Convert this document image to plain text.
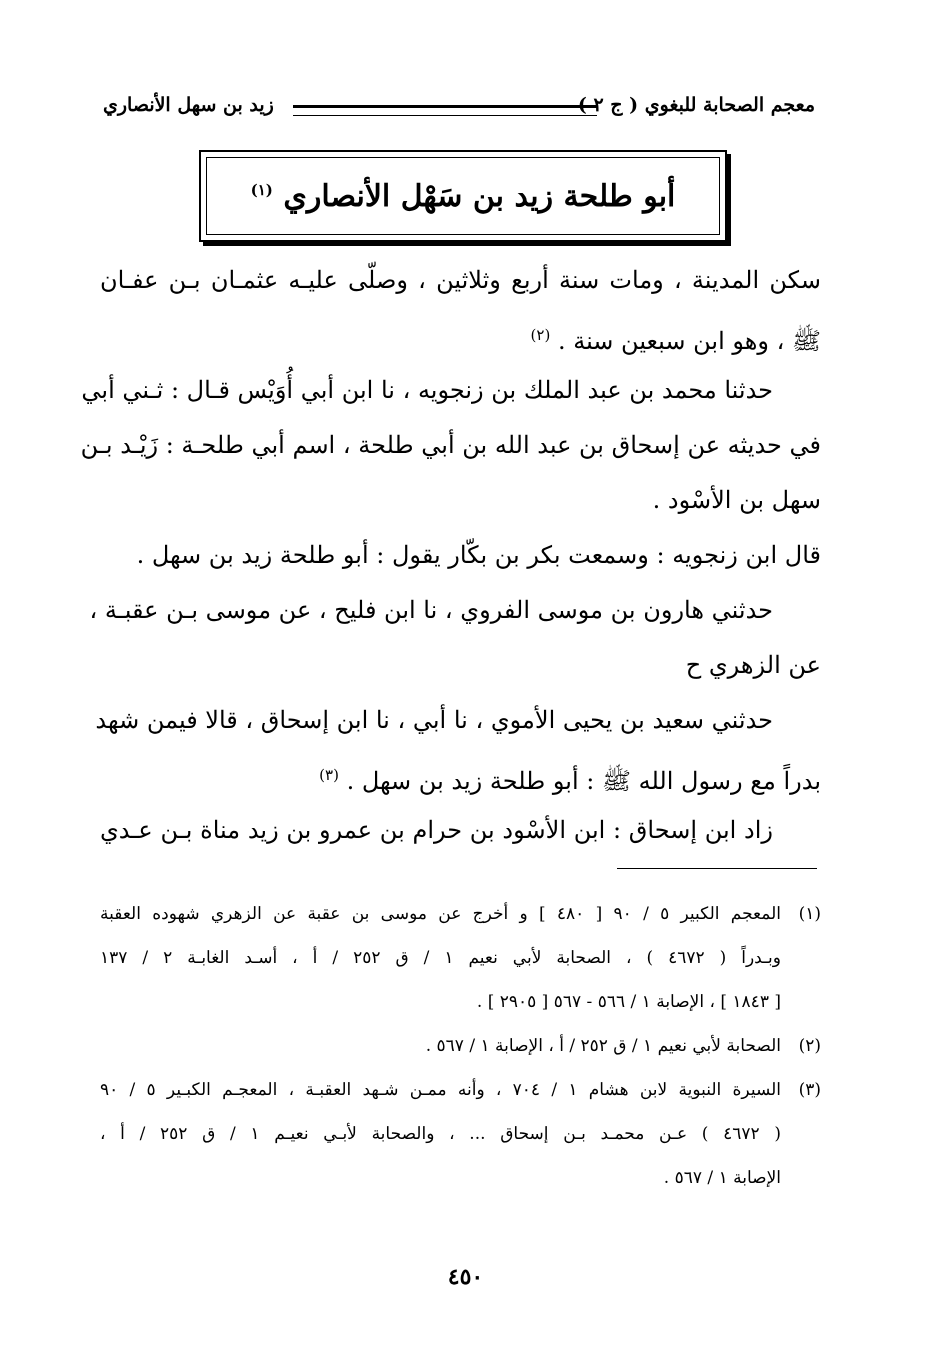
معجم الصحابة للبغوي ( ج ٢ )
زيد بن سهل الأنصاري
أبو طلحة زيد بن سَهْل الأنصاري $^{(١)}$
سكن المدينة ، ومات سنة أربع وثلاثين ، وصلّى عليـه عثمـان بـن عفـان
ﷺ ، وهو ابن سبعين سنة . $^{(٢)}$
حدثنا محمد بن عبد الملك بن زنجويه ، نا ابن أبي أُوَيْس قـال : ثـني أبي
في حديثه عن إسحاق بن عبد الله بن أبي طلحة ، اسم أبي طلحـة : زَيْـد بـن
سهل بن الأسْود .
قال ابن زنجويه : وسمعت بكر بن بكّار يقول : أبو طلحة زيد بن سهل .
حدثني هارون بن موسى الفروي ، نا ابن فليح ، عن موسى بـن عقبـة ،
عن الزهري ح
حدثني سعيد بن يحيى الأموي ، نا أبي ، نا ابن إسحاق ، قالا فيمن شهد
بدراً مع رسول الله ﷺ : أبو طلحة زيد بن سهل . $^{(٣)}$
زاد ابن إسحاق : ابن الأسْود بن حرام بن عمرو بن زيد مناة بـن عـدي
(١)
المعجم الكبير ٥ / ٩٠ [ ٤٨٠ ] و أخرج عن موسى بن عقبة عن الزهري شهوده العقبة
وبـدراً ( ٤٦٧٢ ) ، الصحابة لأبي نعيم ١ / ق ٢٥٢ / أ ، أسـد الغابـة ٢ / ١٣٧
[ ١٨٤٣ ] ، الإصابة ١ / ٥٦٦ - ٥٦٧ [ ٢٩٠٥ ] .
(٢)
الصحابة لأبي نعيم ١ / ق ٢٥٢ / أ ، الإصابة ١ / ٥٦٧ .
(٣)
السيرة النبوية لابن هشام ١ / ٧٠٤ ، وأنه ممـن شـهد العقبـة ، المعجـم الكبـير ٥ / ٩٠
( ٤٦٧٢ ) عـن محمـد بـن إسحاق ... ، والصحابة لأبـي نعيـم ١ / ق ٢٥٢ / أ ،
الإصابة ١ / ٥٦٧ .
٤٥٠
